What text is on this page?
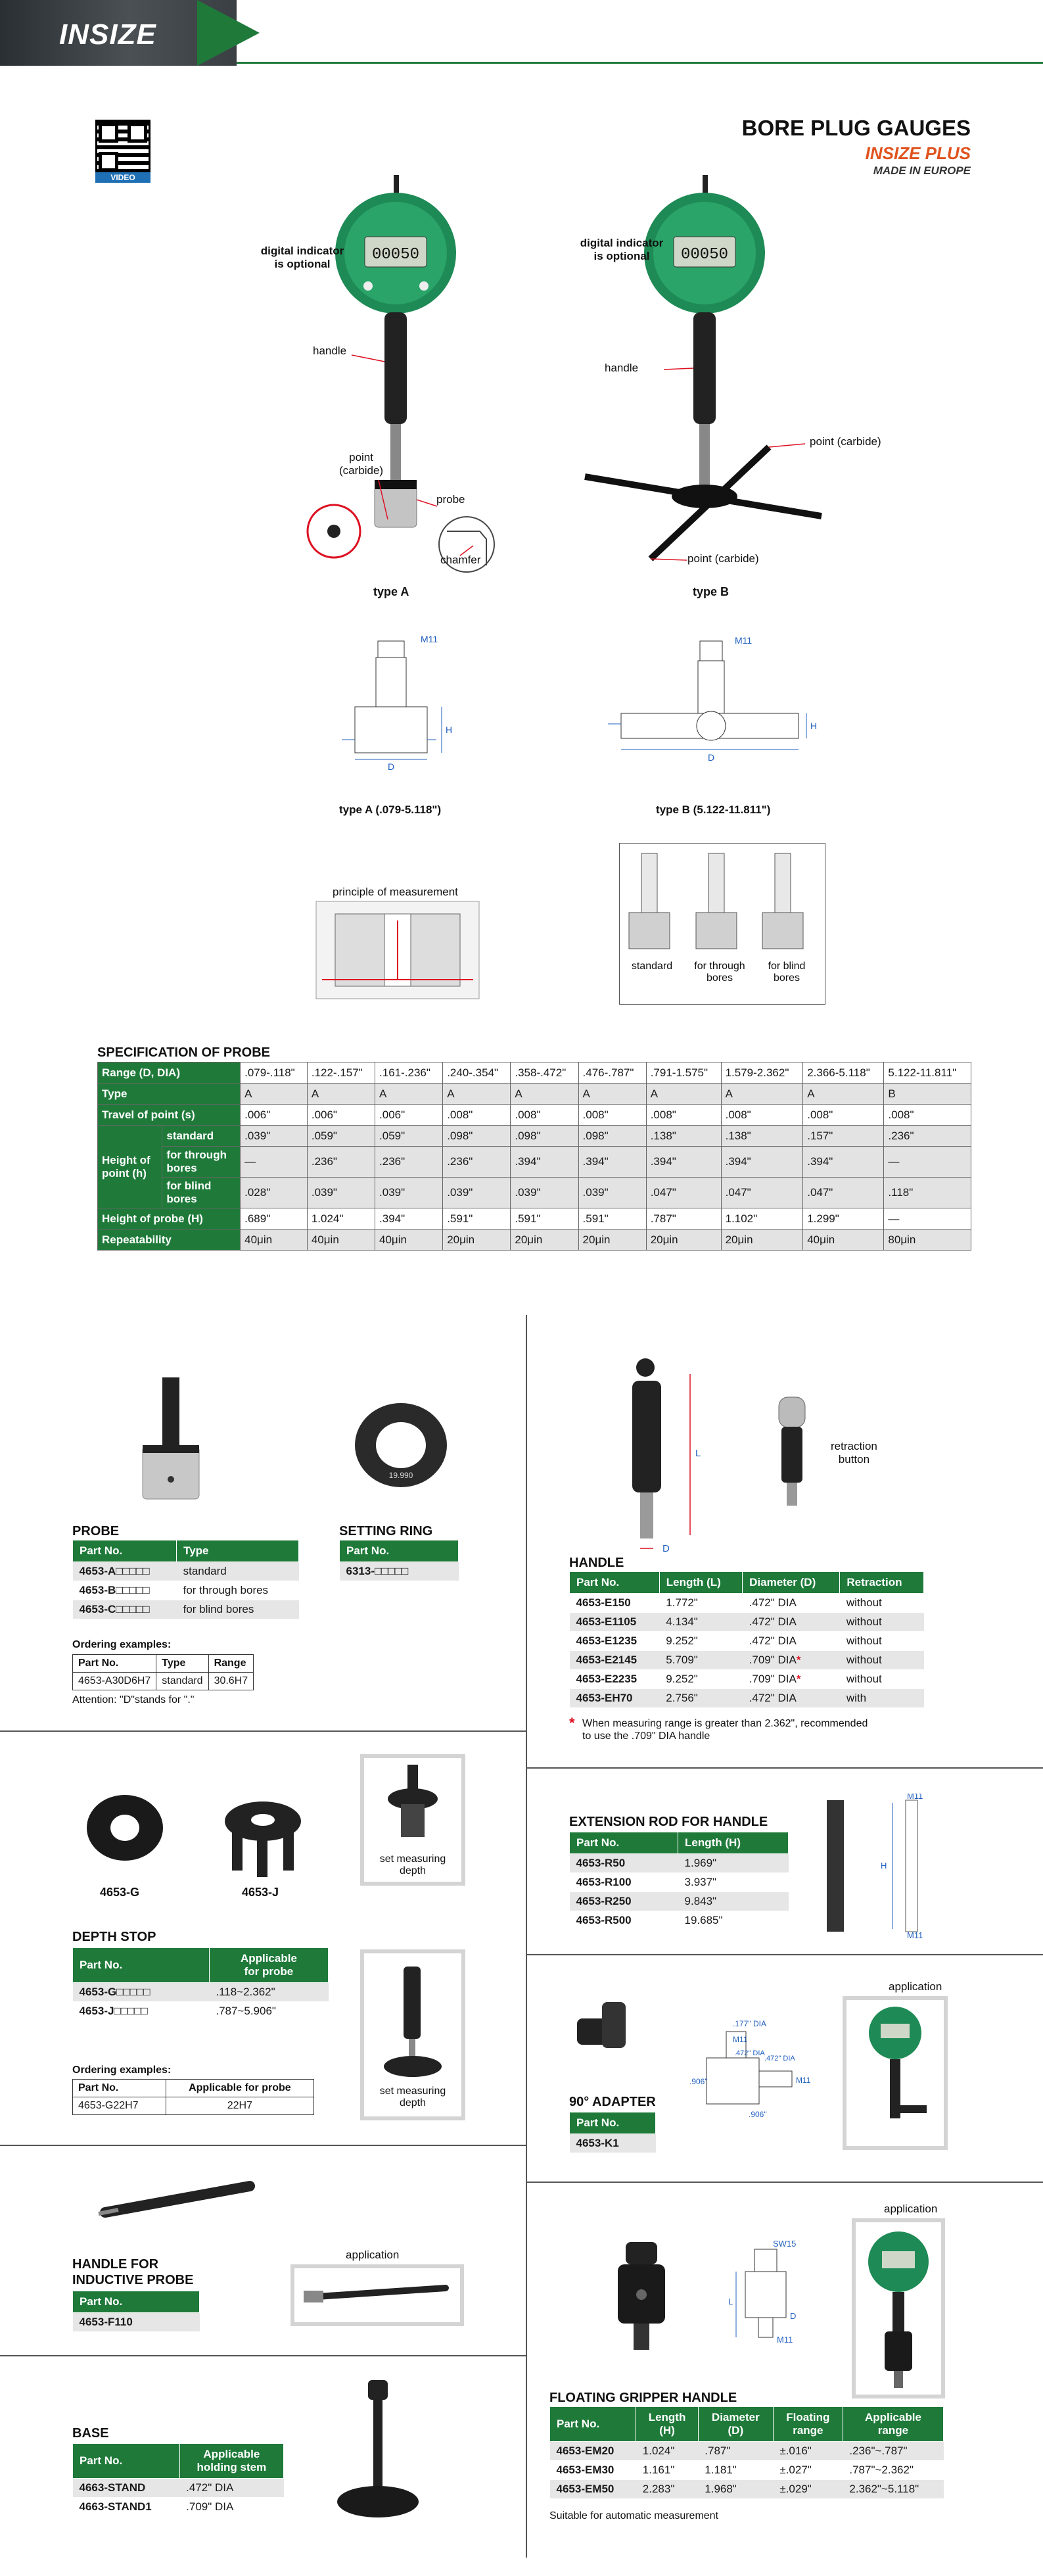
INSIZE
VIDEO
BORE PLUG GAUGES
INSIZE PLUS
MADE IN EUROPE
00050
digital indicator
is optional
handle
point
(carbide)
probe
chamfer
type A
00050
digital indicator
is optional
handle
point (carbide)
point (carbide)
type B
M11
H
D
type A (.079-5.118")
M11
H
D
type B (5.122-11.811")
principle of measurement
standard	for through
bores
for blind
bores
SPECIFICATION OF PROBE
Range (D, DIA)		.079-.118"	.122-.157"	.161-.236"	.240-.354"	.358-.472"	.476-.787"	.791-1.575"	1.579-2.362"	2.366-5.118"	5.122-11.811"
Type		A	A	A	A	A	A	A	A	A	B
Travel of point (s)		.006"	.006"	.006"	.008"	.008"	.008"	.008"	.008"	.008"	.008"
Height of
point (h)	standard	.039"	.059"	.059"	.098"	.098"	.098"	.138"	.138"	.157"	.236"
	for through
bores	—	.236"	.236"	.236"	.394"	.394"	.394"	.394"	.394"	—
	for blind
bores	.028"	.039"	.039"	.039"	.039"	.039"	.047"	.047"	.047"	.118"
Height of probe (H)		.689"	1.024"	.394"	.591"	.591"	.591"	.787"	1.102"	1.299"	—
Repeatability		40μin	40μin	40μin	20μin	20μin	20μin	20μin	20μin	40μin	80μin
PROBE
Part No.	Type
4653-A□□□□□	standard
4653-B□□□□□	for through bores
4653-C□□□□□	for blind bores
Ordering examples:
Part No.	Type	Range
4653-A30D6H7	standard	30.6H7
Attention: "D"stands for "."
19.990
SETTING RING
Part No.
6313-□□□□□
L
D
retraction
button
HANDLE
Part No.	Length (L)	Diameter (D)	Retraction
4653-E150	1.772"	.472" DIA	without
4653-E1105	4.134"	.472" DIA	without
4653-E1235	9.252"	.472" DIA	without
4653-E2145	5.709"	.709" DIA*	without
4653-E2235	9.252"	.709" DIA*	without
4653-EH70	2.756"	.472" DIA	with
* When measuring range is greater than 2.362", recommended
to use the .709" DIA handle
4653-G	4653-J
set measuring
depth
set measuring
depth
DEPTH STOP
Part No.	Applicable
for probe
4653-G□□□□□	.118~2.362"
4653-J□□□□□	.787~5.906"
Ordering examples:
Part No.	Applicable for probe
4653-G22H7	22H7
M11
M11
H
EXTENSION ROD FOR HANDLE
Part No.	Length (H)
4653-R50	1.969"
4653-R100	3.937"
4653-R250	9.843"
4653-R500	19.685"
.177" DIA
M11
.472" DIA
.472" DIA
M11
.906"
.906"
application
90° ADAPTER
Part No.
4653-K1
application
HANDLE FOR
INDUCTIVE PROBE
Part No.
4653-F110
SW15
L
D
M11
application
FLOATING GRIPPER HANDLE
Part No.	Length
(H)	Diameter
(D)	Floating
range	Applicable
range
4653-EM20	1.024"	.787"	±.016"	.236"~.787"
4653-EM30	1.161"	1.181"	±.027"	.787"~2.362"
4653-EM50	2.283"	1.968"	±.029"	2.362"~5.118"
Suitable for automatic measurement
BASE
Part No.	Applicable
holding stem
4663-STAND	.472" DIA
4663-STAND1	.709" DIA
